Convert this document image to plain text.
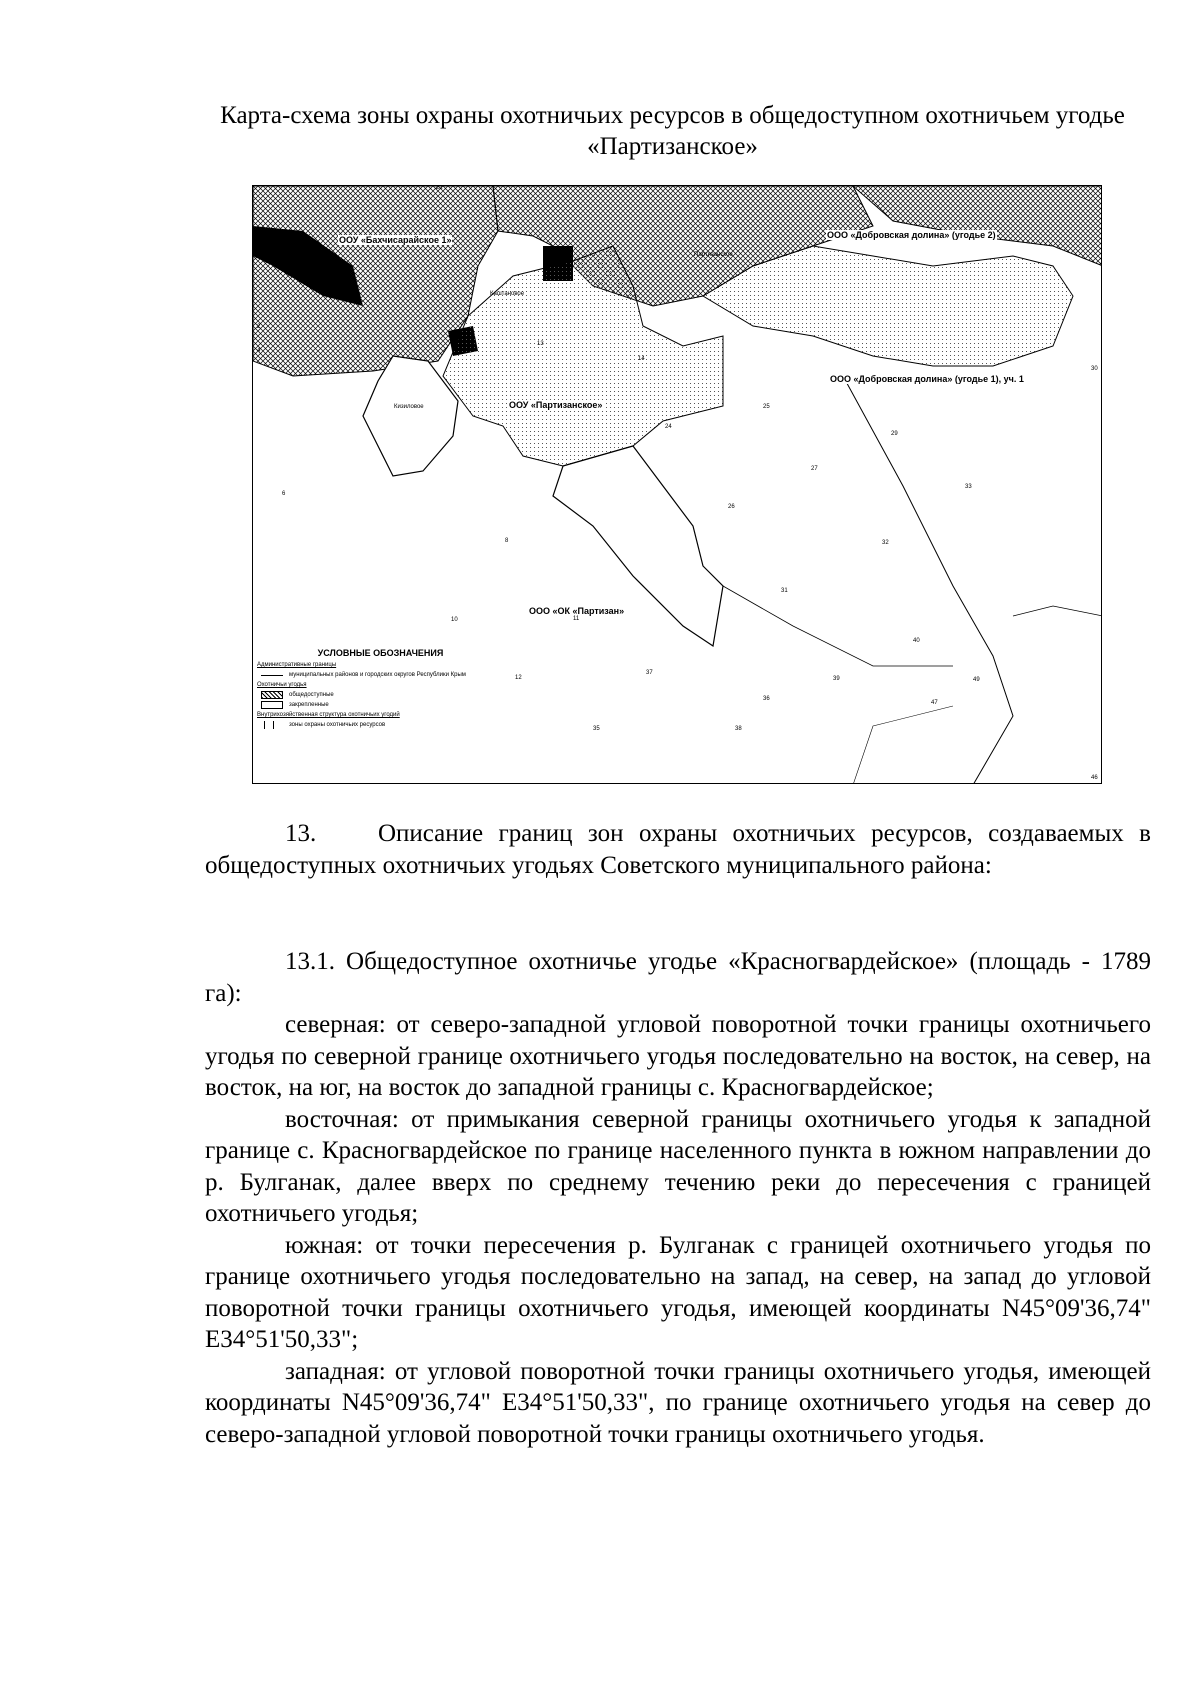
Карта-схема зоны охраны охотничьих ресурсов в общедоступном охотничьем угодье «Партизанское»
ООУ «Бахчисарайское 1»	ООО «Добровская долина» (угодье 2)
ООО «Добровская долина» (угодье 1), уч. 1
ООУ «Партизанское»
ООО «ОК «Партизан»
Партизанское
Каштановое
Кизиловое
22
2
4
13
14
25
24
27
26
29
30
33
32
31
40
39
36
35
37
38
12
10	11
6
8
47
49
46
УСЛОВНЫЕ ОБОЗНАЧЕНИЯ
Административные границы
муниципальных районов и городских округов Республики Крым
Охотничьи угодья
общедоступные
закрепленные
Внутрихозяйственная структура охотничьих угодий
зоны охраны охотничьих ресурсов

13.    Описание границ зон охраны охотничьих ресурсов, создаваемых в общедоступных охотничьих угодьях Советского муниципального района:

13.1. Общедоступное охотничье угодье «Красногвардейское» (площадь - 1789 га):

северная: от северо-западной угловой поворотной точки границы охотничьего угодья по северной границе охотничьего угодья последовательно на восток, на север, на восток, на юг, на восток до западной границы с. Красногвардейское;

восточная: от примыкания северной границы охотничьего угодья к западной границе с. Красногвардейское по границе населенного пункта в южном направлении до р. Булганак, далее вверх по среднему течению реки до пересечения с границей охотничьего угодья;

южная: от точки пересечения р. Булганак с границей охотничьего угодья по границе охотничьего угодья последовательно на запад, на север, на запад до угловой поворотной точки границы охотничьего угодья, имеющей координаты N45°09'36,74" E34°51'50,33";

западная: от угловой поворотной точки границы охотничьего угодья, имеющей координаты N45°09'36,74" E34°51'50,33", по границе охотничьего угодья на север до северо-западной угловой поворотной точки границы охотничьего угодья.
